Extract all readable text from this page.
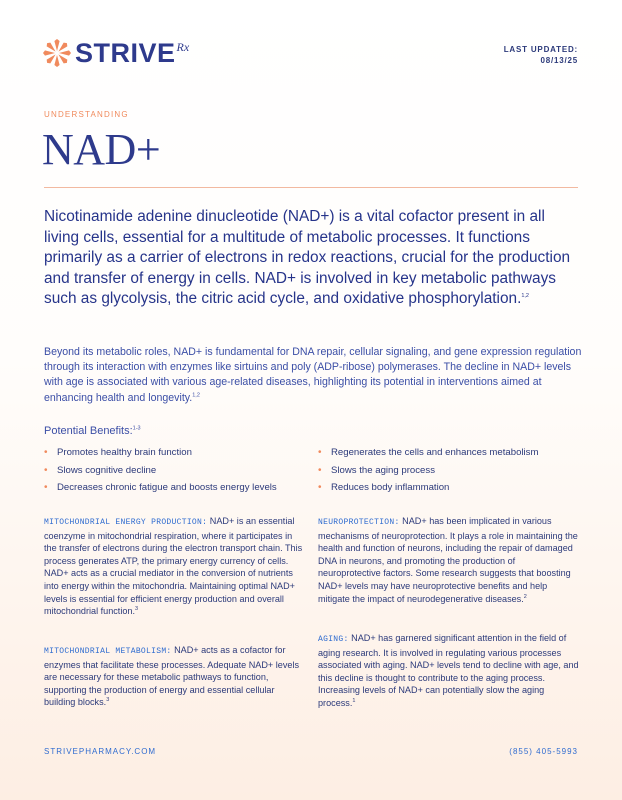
STRIVE Rx	LAST UPDATED:
08/13/25
UNDERSTANDING
NAD+

Nicotinamide adenine dinucleotide (NAD+) is a vital cofactor present in all living cells, essential for a multitude of metabolic processes. It functions primarily as a carrier of electrons in redox reactions, crucial for the production and transfer of energy in cells. NAD+ is involved in key metabolic pathways such as glycolysis, the citric acid cycle, and oxidative phosphorylation.$^{1,2}$

Beyond its metabolic roles, NAD+ is fundamental for DNA repair, cellular signaling, and gene expression regulation through its interaction with enzymes like sirtuins and poly (ADP-ribose) polymerases. The decline in NAD+ levels with age is associated with various age-related diseases, highlighting its potential in interventions aimed at enhancing health and longevity.$^{1,2}$

Potential Benefits:$^{1-3}$
• Promotes healthy brain function
• Slows cognitive decline
• Decreases chronic fatigue and boosts energy levels
• Regenerates the cells and enhances metabolism
• Slows the aging process
• Reduces body inflammation
MITOCHONDRIAL ENERGY PRODUCTION: NAD+ is an essential coenzyme in mitochondrial respiration, where it participates in the transfer of electrons during the electron transport chain. This process generates ATP, the primary energy currency of cells. NAD+ acts as a crucial mediator in the conversion of nutrients into energy within the mitochondria. Maintaining optimal NAD+ levels is essential for efficient energy production and overall mitochondrial function.$^3$
MITOCHONDRIAL METABOLISM: NAD+ acts as a cofactor for enzymes that facilitate these processes. Adequate NAD+ levels are necessary for these metabolic pathways to function, supporting the production of energy and essential cellular building blocks.$^3$
NEUROPROTECTION: NAD+ has been implicated in various mechanisms of neuroprotection. It plays a role in maintaining the health and function of neurons, including the repair of damaged DNA in neurons, and promoting the production of neuroprotective factors. Some research suggests that boosting NAD+ levels may have neuroprotective benefits and help mitigate the impact of neurodegenerative diseases.$^2$
AGING: NAD+ has garnered significant attention in the field of aging research. It is involved in regulating various processes associated with aging. NAD+ levels tend to decline with age, and this decline is thought to contribute to the aging process. Increasing levels of NAD+ can potentially slow the aging process.$^1$
STRIVEPHARMACY.COM	(855) 405-5993
